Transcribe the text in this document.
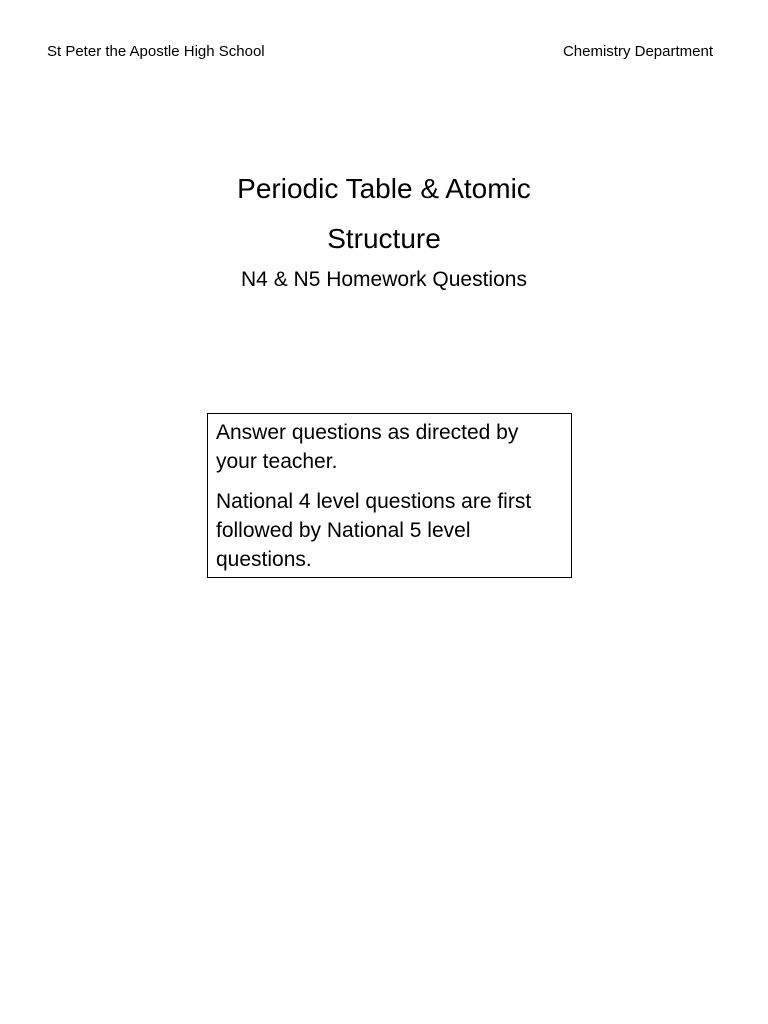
St Peter the Apostle High School	Chemistry Department
Periodic Table & Atomic
Structure
N4 & N5 Homework Questions

Answer questions as directed by your teacher.

National 4 level questions are first followed by National 5 level questions.
